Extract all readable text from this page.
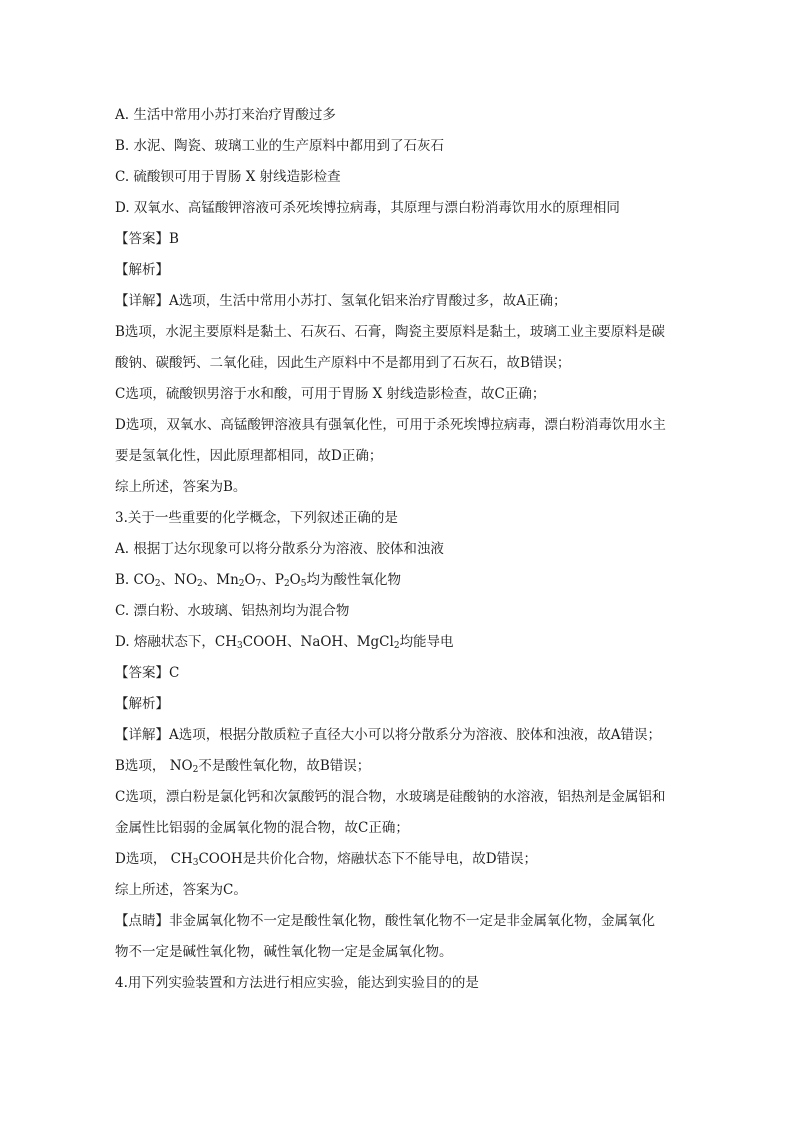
A. 生活中常用小苏打来治疗胃酸过多
B. 水泥、陶瓷、玻璃工业的生产原料中都用到了石灰石
C. 硫酸钡可用于胃肠 X 射线造影检查
D. 双氧水、高锰酸钾溶液可杀死埃博拉病毒，其原理与漂白粉消毒饮用水的原理相同
【答案】B
【解析】
【详解】A选项，生活中常用小苏打、氢氧化铝来治疗胃酸过多，故A正确；
B选项，水泥主要原料是黏土、石灰石、石膏，陶瓷主要原料是黏土，玻璃工业主要原料是碳
酸钠、碳酸钙、二氧化硅，因此生产原料中不是都用到了石灰石，故B错误；
C选项，硫酸钡男溶于水和酸，可用于胃肠 X 射线造影检查，故C正确；
D选项，双氧水、高锰酸钾溶液具有强氧化性，可用于杀死埃博拉病毒，漂白粉消毒饮用水主
要是氢氧化性，因此原理都相同，故D正确；
综上所述，答案为B。
3.关于一些重要的化学概念，下列叙述正确的是
A. 根据丁达尔现象可以将分散系分为溶液、胶体和浊液
B. $CO_2$、$NO_2$、$Mn_2O_7$、$P_2O_5$均为酸性氧化物
C. 漂白粉、水玻璃、铝热剂均为混合物
D. 熔融状态下，$CH_3COOH$、NaOH、MgCl$_2$均能导电
【答案】C
【解析】
【详解】A选项，根据分散质粒子直径大小可以将分散系分为溶液、胶体和浊液，故A错误；
B选项， $NO_2$不是酸性氧化物，故B错误；
C选项，漂白粉是氯化钙和次氯酸钙的混合物，水玻璃是硅酸钠的水溶液，铝热剂是金属铝和
金属性比铝弱的金属氧化物的混合物，故C正确；
D选项， $CH_3COOH$是共价化合物，熔融状态下不能导电，故D错误；
综上所述，答案为C。
【点睛】非金属氧化物不一定是酸性氧化物，酸性氧化物不一定是非金属氧化物，金属氧化
物不一定是碱性氧化物，碱性氧化物一定是金属氧化物。
4.用下列实验装置和方法进行相应实验，能达到实验目的的是
